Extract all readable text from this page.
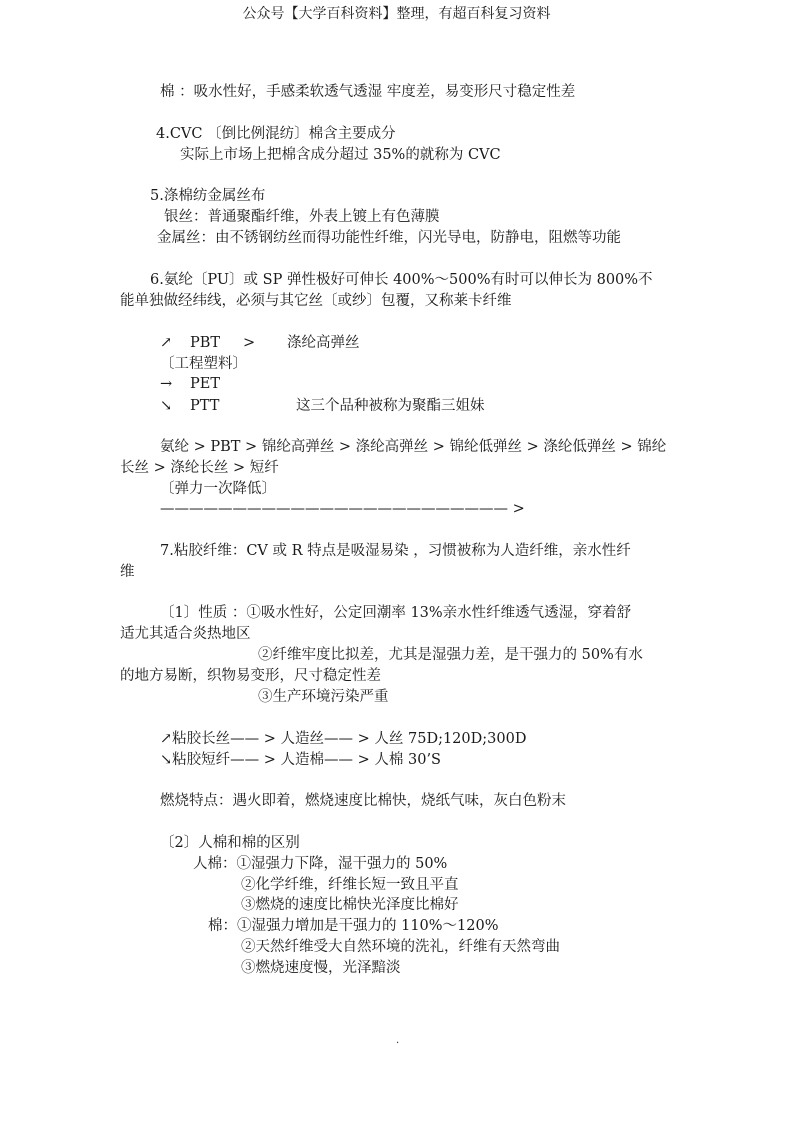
公众号【大学百科资料】整理，有超百科复习资料
棉 ：吸水性好，手感柔软透气透湿 牢度差，易变形尺寸稳定性差
4.CVC 〔倒比例混纺〕棉含主要成分
实际上市场上把棉含成分超过 35%的就称为 CVC
5.涤棉纺金属丝布
银丝：普通聚酯纤维，外表上镀上有色薄膜
金属丝：由不锈钢纺丝而得功能性纤维，闪光导电，防静电，阻燃等功能
6.氨纶〔PU〕或 SP 弹性极好可伸长 400%～500%有时可以伸长为 800%不
能单独做经纬线，必须与其它丝〔或纱〕包覆，又称莱卡纤维
↗ PBT > 涤纶高弹丝
〔工程塑料〕
→ PET
↘ PTT	这三个品种被称为聚酯三姐妹
氨纶 > PBT > 锦纶高弹丝 > 涤纶高弹丝 > 锦纶低弹丝 > 涤纶低弹丝 > 锦纶
长丝 > 涤纶长丝 > 短纤
〔弹力一次降低〕
———————————————————————— >
7.粘胶纤维：CV 或 R 特点是吸湿易染 ，习惯被称为人造纤维，亲水性纤
维
〔1〕性质 ：①吸水性好，公定回潮率 13%亲水性纤维透气透湿，穿着舒
适尤其适合炎热地区
②纤维牢度比拟差，尤其是湿强力差，是干强力的 50%有水
的地方易断，织物易变形，尺寸稳定性差
③生产环境污染严重
↗粘胶长丝—— > 人造丝—— > 人丝 75D;120D;300D
↘粘胶短纤—— > 人造棉—— > 人棉 30’S
燃烧特点：遇火即着，燃烧速度比棉快，烧纸气味，灰白色粉末
〔2〕人棉和棉的区别
人棉：①湿强力下降，湿干强力的 50%
②化学纤维，纤维长短一致且平直
③燃烧的速度比棉快光泽度比棉好
棉：①湿强力增加是干强力的 110%～120%
②天然纤维受大自然环境的洗礼，纤维有天然弯曲
③燃烧速度慢，光泽黯淡
.
